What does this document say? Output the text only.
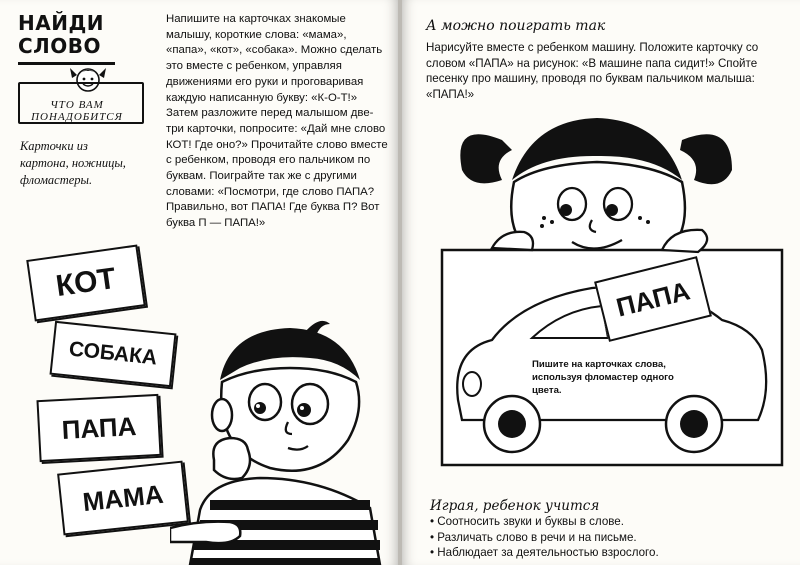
НАЙДИ
СЛОВО
ЧТО ВАМ ПОНАДОБИТСЯ
Карточки из картона, ножницы, фломастеры.
Напишите на карточках знакомые малышу, короткие слова: «мама», «папа», «кот», «собака». Можно сделать это вместе с ребенком, управляя движениями его руки и проговаривая каждую написанную букву: «К-О-Т!» Затем разложите перед малышом две-три карточки, попросите: «Дай мне слово КОТ! Где оно?» Прочитайте слово вместе с ребенком, проводя его пальчиком по буквам. Поиграйте так же с другими словами: «Посмотри, где слово ПАПА? Правильно, вот ПАПА! Где буква П? Вот буква П — ПАПА!»
КОТ
СОБАКА
ПАПА
МАМА
А можно поиграть так
Нарисуйте вместе с ребенком машину. Положите карточку со словом «ПАПА» на рисунок: «В машине папа сидит!» Спойте песенку про машину, проводя по буквам пальчиком малыша: «ПАПА!»
ПАПА
Пишите на карточках слова, используя фломастер одного цвета.
Играя, ребенок учится
• Соотносить звуки и буквы в слове.
• Различать слово в речи и на письме.
• Наблюдает за деятельностью взрослого.
